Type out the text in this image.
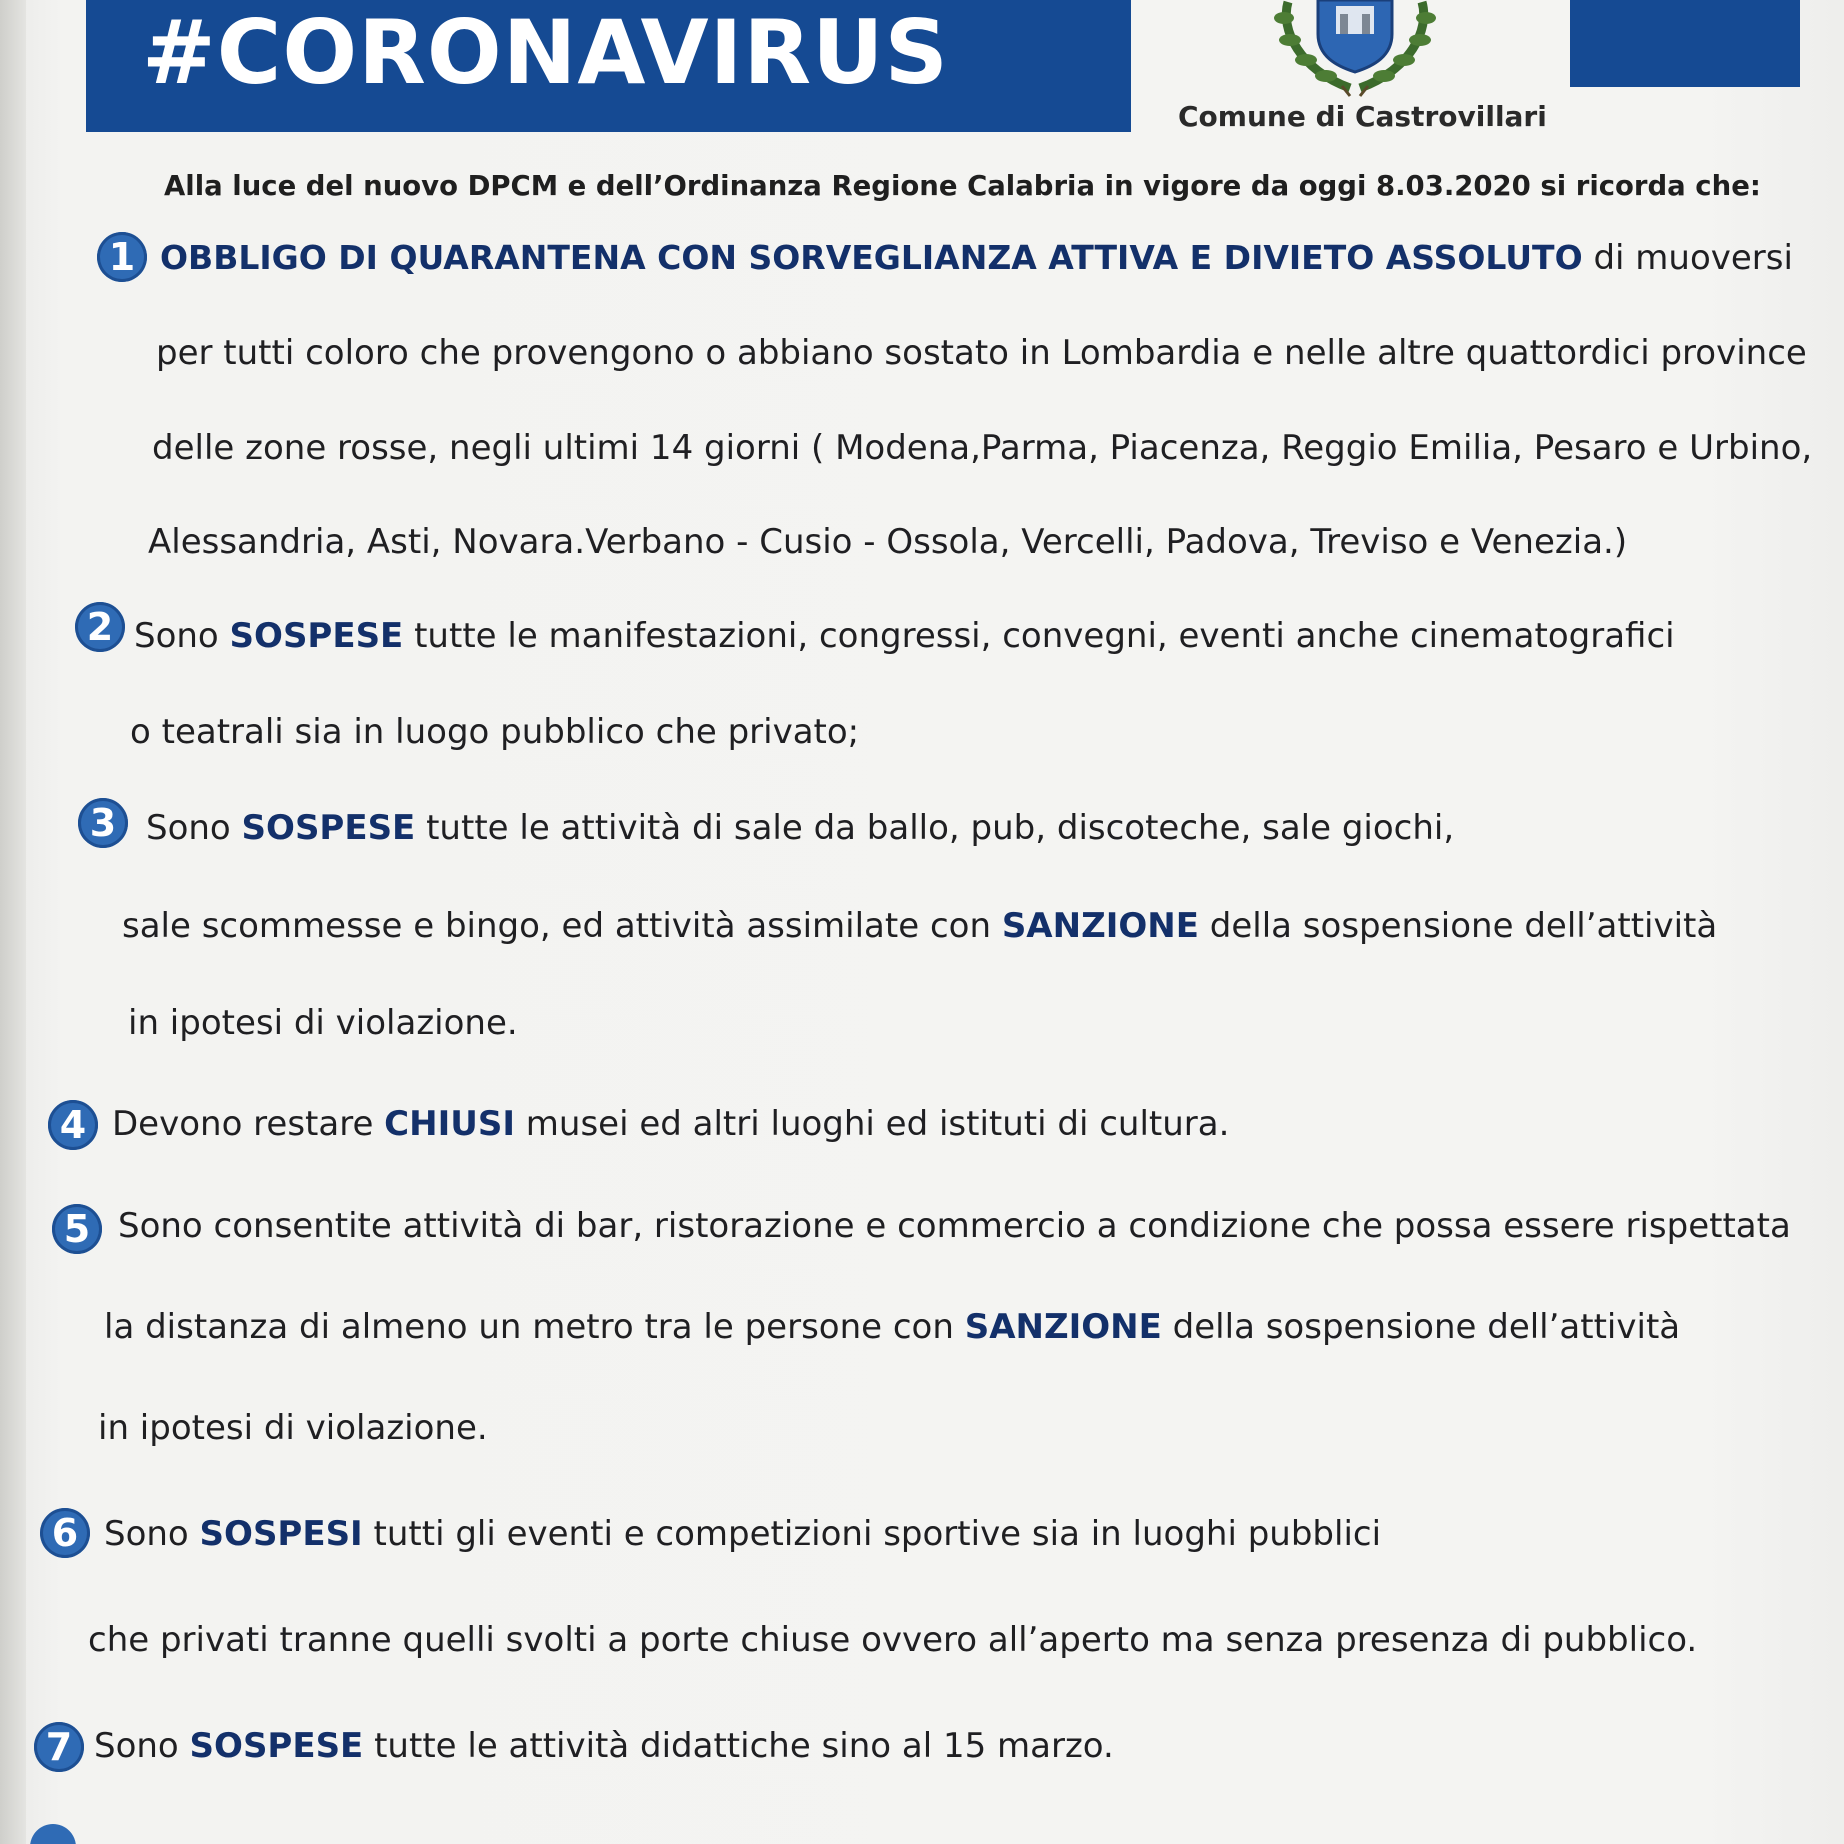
#CORONAVIRUS
Comune di Castrovillari
Alla luce del nuovo DPCM e dell’Ordinanza Regione Calabria in vigore da oggi 8.03.2020 si ricorda che:
1 OBBLIGO DI QUARANTENA CON SORVEGLIANZA ATTIVA E DIVIETO ASSOLUTO di muoversi
per tutti coloro che provengono o abbiano sostato in Lombardia e nelle altre quattordici province
delle zone rosse, negli ultimi 14 giorni ( Modena,Parma, Piacenza, Reggio Emilia, Pesaro e Urbino,
Alessandria, Asti, Novara.Verbano - Cusio - Ossola, Vercelli, Padova, Treviso e Venezia.)
2 Sono SOSPESE tutte le manifestazioni, congressi, convegni, eventi anche cinematografici
o teatrali sia in luogo pubblico che privato;
3 Sono SOSPESE tutte le attività di sale da ballo, pub, discoteche, sale giochi,
sale scommesse e bingo, ed attività assimilate con SANZIONE della sospensione dell’attività
in ipotesi di violazione.
4 Devono restare CHIUSI musei ed altri luoghi ed istituti di cultura.
5 Sono consentite attività di bar, ristorazione e commercio a condizione che possa essere rispettata
la distanza di almeno un metro tra le persone con SANZIONE della sospensione dell’attività
in ipotesi di violazione.
6 Sono SOSPESI tutti gli eventi e competizioni sportive sia in luoghi pubblici
che privati tranne quelli svolti a porte chiuse ovvero all’aperto ma senza presenza di pubblico.
7 Sono SOSPESE tutte le attività didattiche sino al 15 marzo.
